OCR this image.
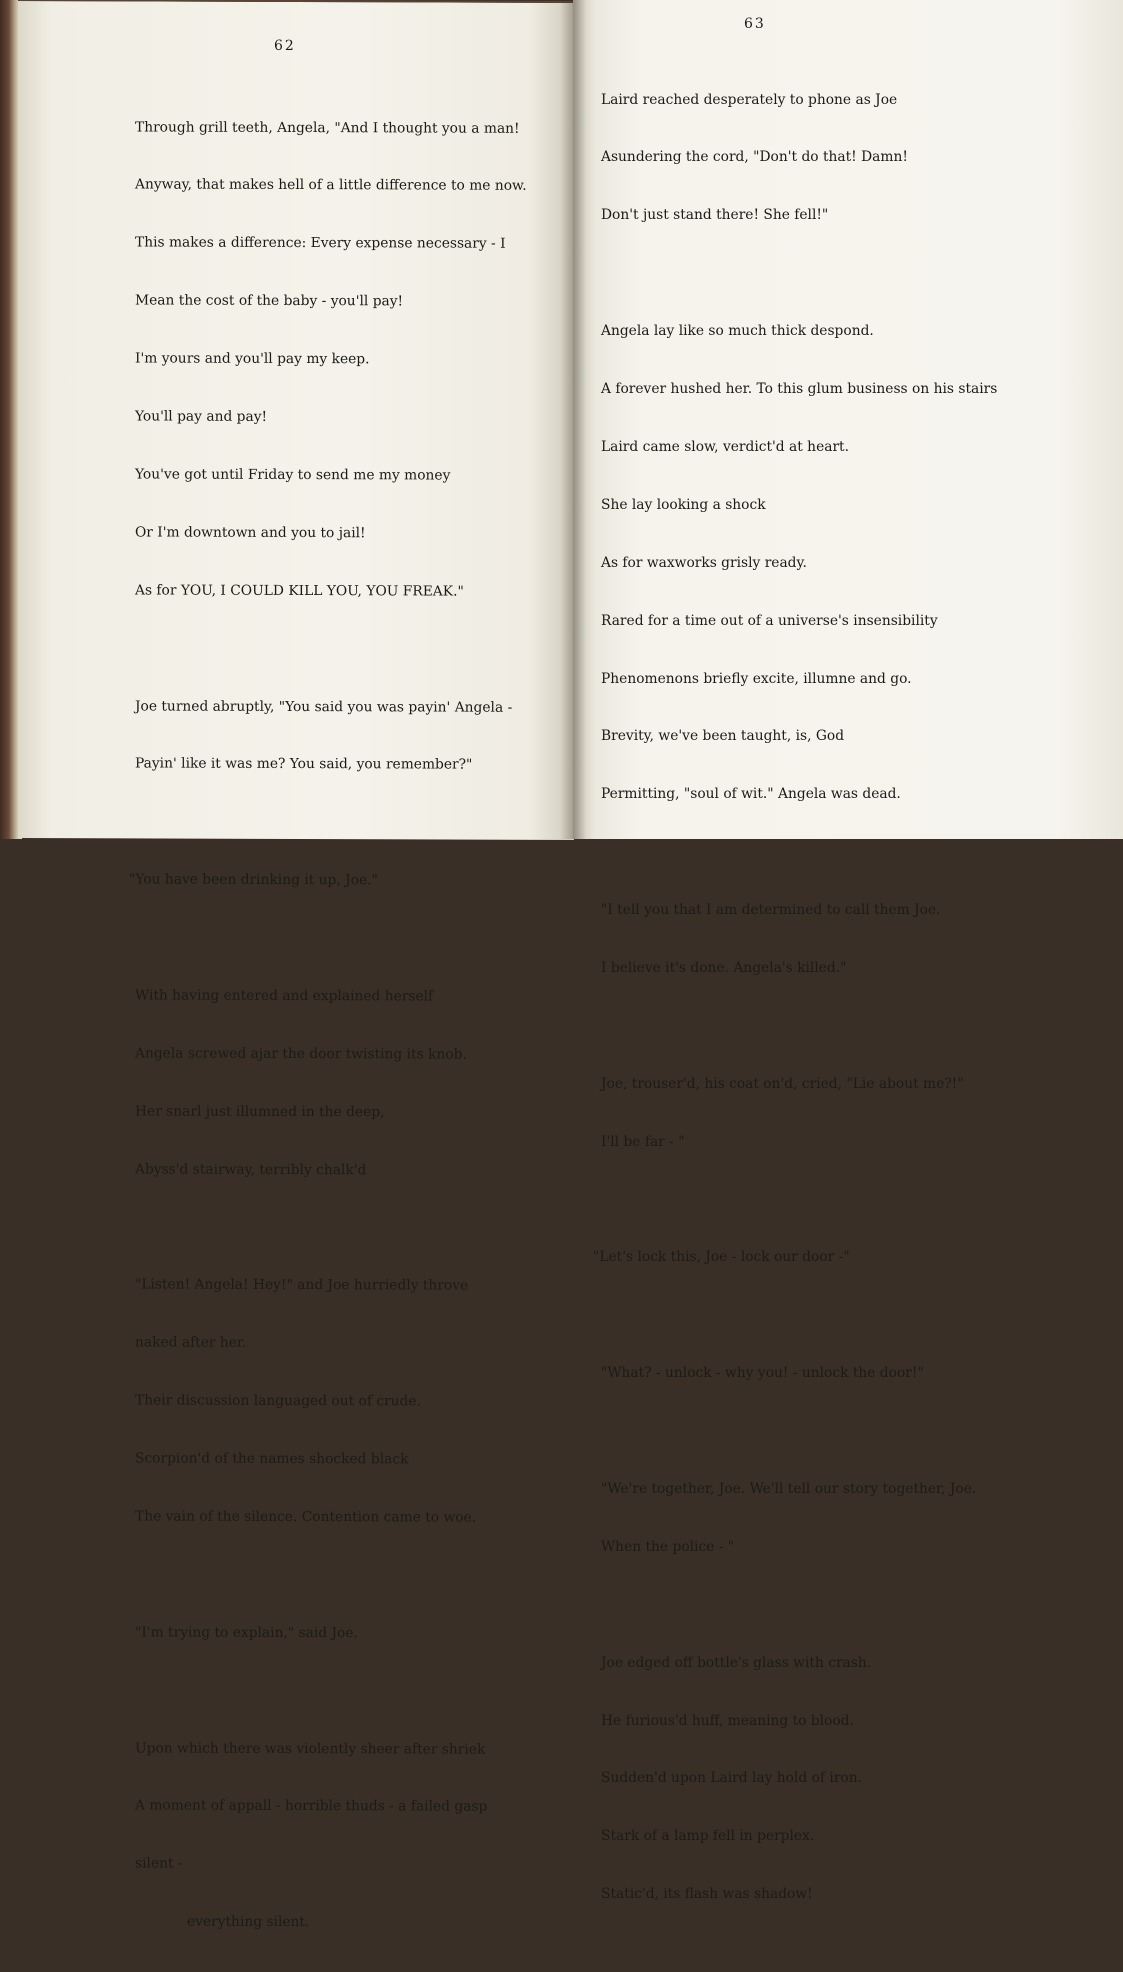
62

Through grill teeth, Angela, "And I thought you a man!

Anyway, that makes hell of a little difference to me now.

This makes a difference: Every expense necessary - I

Mean the cost of the baby - you'll pay!

I'm yours and you'll pay my keep.

You'll pay and pay!

You've got until Friday to send me my money

Or I'm downtown and you to jail!

As for YOU, I COULD KILL YOU, YOU FREAK."

Joe turned abruptly, "You said you was payin' Angela -

Payin' like it was me? You said, you remember?"

"You have been drinking it up, Joe."

With having entered and explained herself

Angela screwed ajar the door twisting its knob.

Her snarl just illumned in the deep,

Abyss'd stairway, terribly chalk'd

"Listen! Angela! Hey!" and Joe hurriedly throve

naked after her.

Their discussion languaged out of crude.

Scorpion'd of the names shocked black

The vain of the silence. Contention came to woe.

"I'm trying to explain," said Joe.

Upon which there was violently sheer after shriek

A moment of appall - horrible thuds - a failed gasp

silent -

everything silent.

63

Laird reached desperately to phone as Joe

Asundering the cord, "Don't do that! Damn!

Don't just stand there! She fell!"

Angela lay like so much thick despond.

A forever hushed her. To this glum business on his stairs

Laird came slow, verdict'd at heart.

She lay looking a shock

As for waxworks grisly ready.

Rared for a time out of a universe's insensibility

Phenomenons briefly excite, illumne and go.

Brevity, we've been taught, is, God

Permitting, "soul of wit." Angela was dead.

"I tell you that I am determined to call them Joe.

I believe it's done. Angela's killed."

Joe, trouser'd, his coat on'd, cried, "Lie about me?!"

I'll be far - "

"Let's lock this, Joe - lock our door -"

"What? - unlock - why you! - unlock the door!"

"We're together, Joe. We'll tell our story together, Joe.

When the police - "

Joe edged off bottle's glass with crash.

He furious'd huff, meaning to blood.

Sudden'd upon Laird lay hold of iron.

Stark of a lamp fell in perplex.

Static'd, its flash was shadow!
